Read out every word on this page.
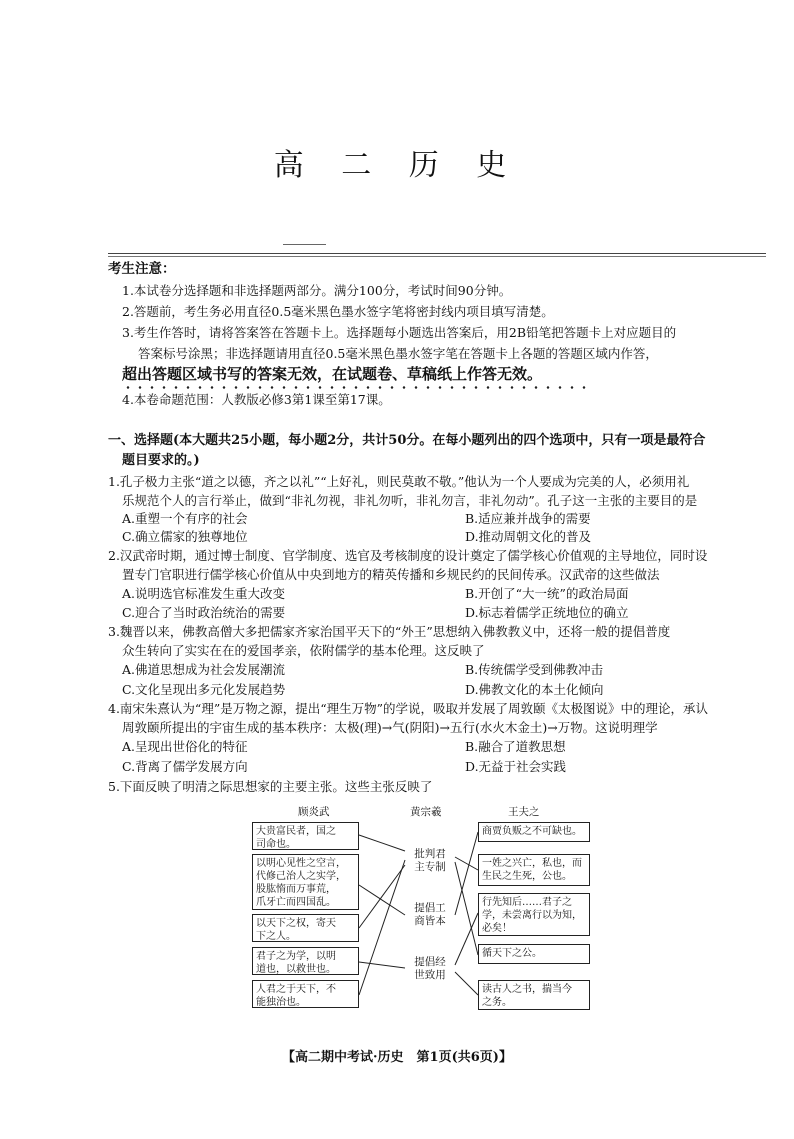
高 二 历 史
考生注意：
1.本试卷分选择题和非选择题两部分。满分100分，考试时间90分钟。
2.答题前，考生务必用直径0.5毫米黑色墨水签字笔将密封线内项目填写清楚。
3.考生作答时，请将答案答在答题卡上。选择题每小题选出答案后，用2B铅笔把答题卡上对应题目的
答案标号涂黑；非选择题请用直径0.5毫米黑色墨水签字笔在答题卡上各题的答题区域内作答，
超出答题区域书写的答案无效，在试题卷、草稿纸上作答无效。
4.本卷命题范围：人教版必修3第1课至第17课。
一、选择题(本大题共25小题，每小题2分，共计50分。在每小题列出的四个选项中，只有一项是最符合
题目要求的。)
1.孔子极力主张“道之以德，齐之以礼”“上好礼，则民莫敢不敬。”他认为一个人要成为完美的人，必须用礼
乐规范个人的言行举止，做到“非礼勿视，非礼勿听，非礼勿言，非礼勿动”。孔子这一主张的主要目的是
A.重塑一个有序的社会	B.适应兼并战争的需要
C.确立儒家的独尊地位	D.推动周朝文化的普及
2.汉武帝时期，通过博士制度、官学制度、选官及考核制度的设计奠定了儒学核心价值观的主导地位，同时设
置专门官职进行儒学核心价值从中央到地方的精英传播和乡规民约的民间传承。汉武帝的这些做法
A.说明选官标准发生重大改变	B.开创了“大一统”的政治局面
C.迎合了当时政治统治的需要	D.标志着儒学正统地位的确立
3.魏晋以来，佛教高僧大多把儒家齐家治国平天下的“外王”思想纳入佛教教义中，还将一般的提倡普度
众生转向了实实在在的爱国孝亲，依附儒学的基本伦理。这反映了
A.佛道思想成为社会发展潮流	B.传统儒学受到佛教冲击
C.文化呈现出多元化发展趋势	D.佛教文化的本土化倾向
4.南宋朱熹认为“理”是万物之源，提出“理生万物”的学说，吸取并发展了周敦颐《太极图说》中的理论，承认
周敦颐所提出的宇宙生成的基本秩序：太极(理)→气(阴阳)→五行(水火木金土)→万物。这说明理学
A.呈现出世俗化的特征	B.融合了道教思想
C.背离了儒学发展方向	D.无益于社会实践
5.下面反映了明清之际思想家的主要主张。这些主张反映了
顾炎武	黄宗羲	王夫之
大贵富民者，国之
司命也。
以明心见性之空言，
代修己治人之实学，
股肱惰而万事荒，
爪牙亡而四国乱。
以天下之权，寄天
下之人。
君子之为学，以明
道也，以救世也。
人君之于天下，不
能独治也。
批判君
主专制
提倡工
商皆本
提倡经
世致用
商贾负贩之不可缺也。
一姓之兴亡，私也，而
生民之生死，公也。
行先知后……君子之
学，未尝离行以为知，
必矣！
循天下之公。
读古人之书，揣当今
之务。
【高二期中考试·历史　第1页(共6页)】
